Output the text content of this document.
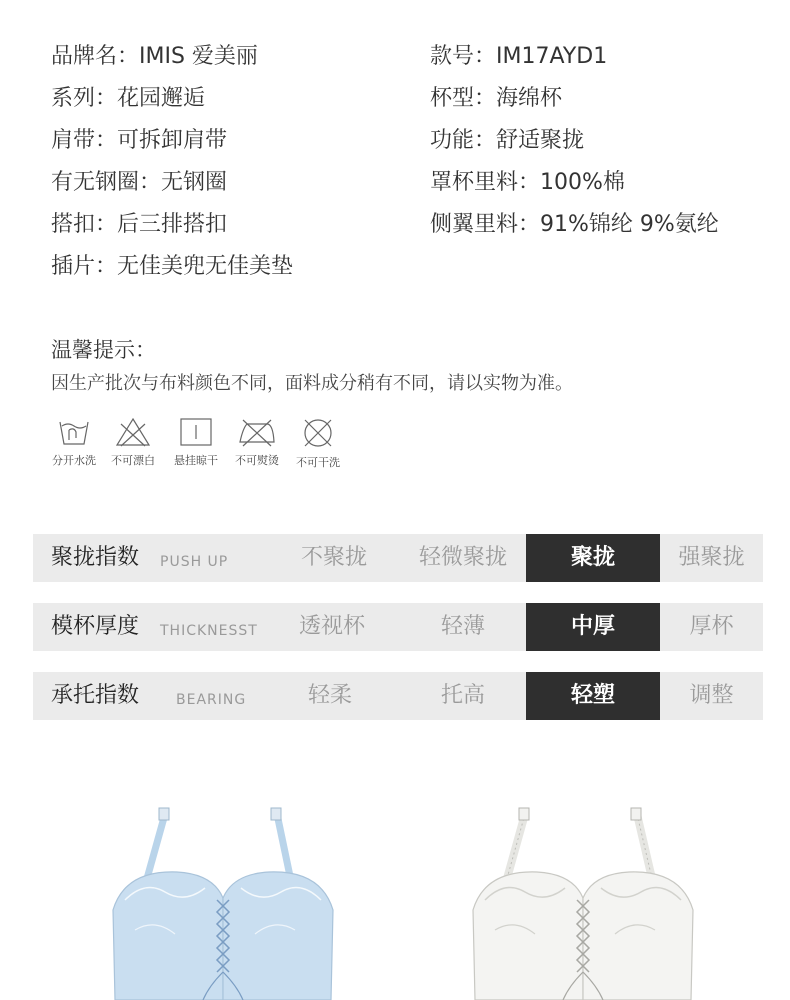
品牌名：IMIS 爱美丽
系列：花园邂逅
肩带：可拆卸肩带
有无钢圈：无钢圈
搭扣：后三排搭扣
插片：无佳美兜无佳美垫
款号：IM17AYD1
杯型：海绵杯
功能：舒适聚拢
罩杯里料：100%棉
侧翼里料：91%锦纶 9%氨纶
温馨提示：
因生产批次与布料颜色不同，面料成分稍有不同，请以实物为准。
分开水洗	不可漂白	悬挂晾干	不可熨烫	不可干洗
聚拢指数 PUSH UP	不聚拢	轻微聚拢	聚拢	强聚拢
模杯厚度 THICKNESST	透视杯	轻薄	中厚	厚杯
承托指数	BEARING	轻柔	托高	轻塑	调整
